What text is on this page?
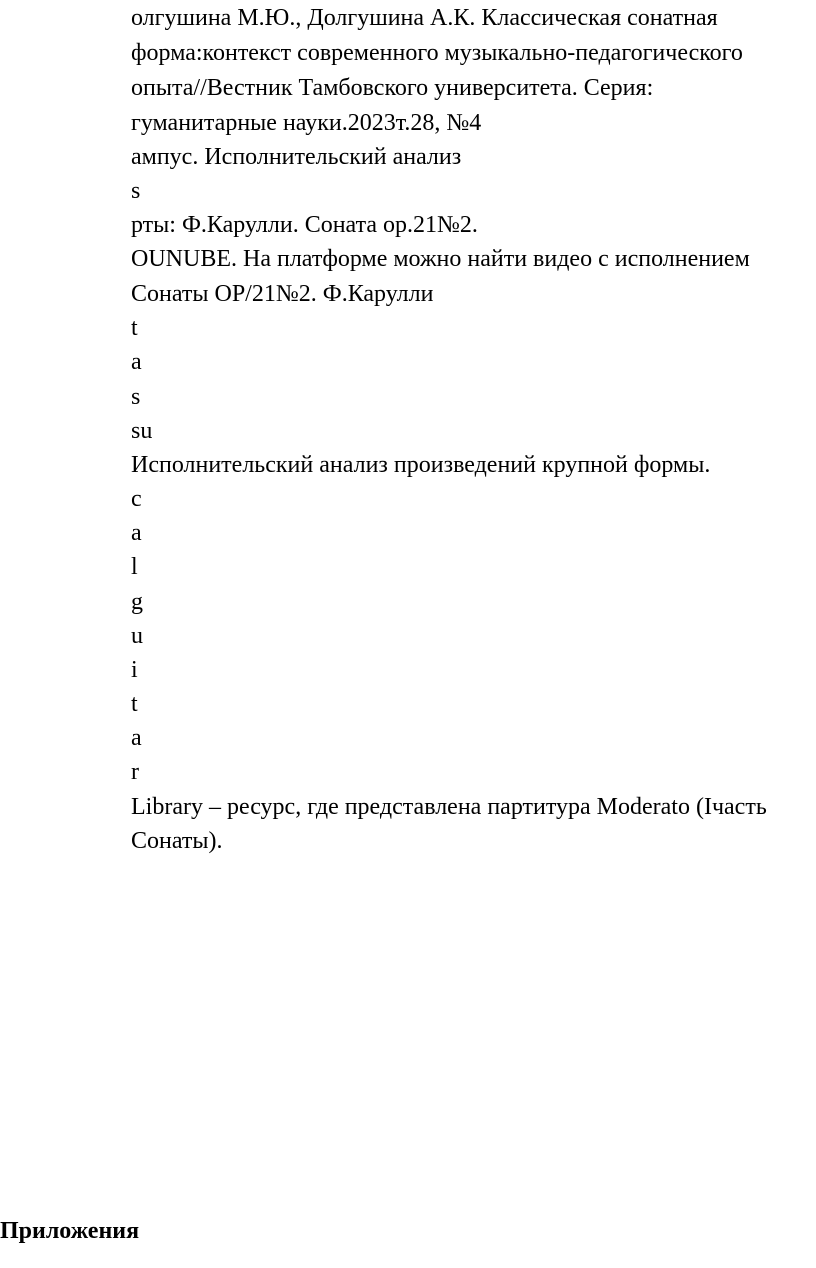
олгушина М.Ю., Долгушина А.К. Классическая сонатная
форма:контекст современного музыкально-педагогического
опыта//Вестник Тамбовского университета. Серия:
гуманитарные науки.2023т.28, №4
ампус. Исполнительский анализ
s
рты: Ф.Карулли. Соната ор.21№2.
OUNUBE. На платформе можно найти видео с исполнением
Сонаты ОР/21№2. Ф.Карулли
t
a
s
su
Исполнительский анализ произведений крупной формы.
c
a
l
g
u
i
t
a
r
Library – ресурс, где представлена партитура Moderato (Iчасть
Сонаты).
Приложения
